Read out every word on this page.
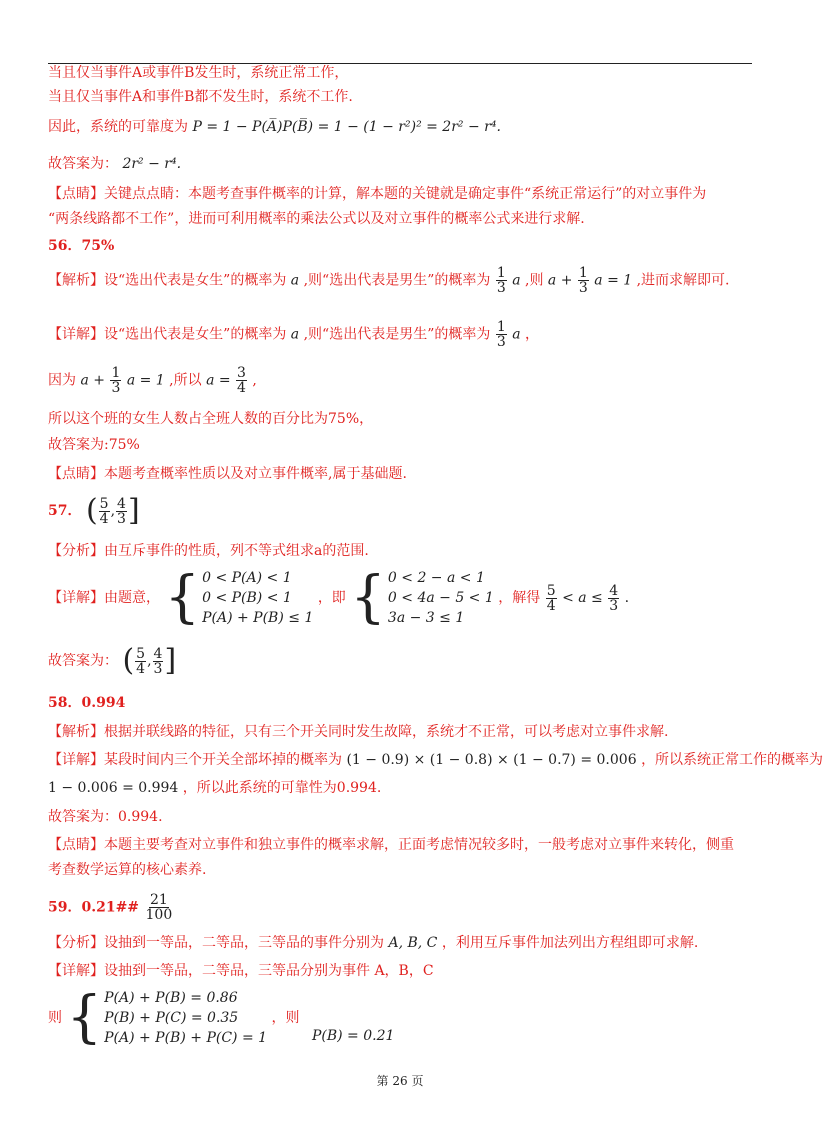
当且仅当事件A或事件B发生时，系统正常工作，
当且仅当事件A和事件B都不发生时，系统不工作.
因此，系统的可靠度为 P = 1 − P(A̅)P(B̅) = 1 − (1 − r²)² = 2r² − r⁴.
故答案为： 2r² − r⁴.
【点睛】关键点点睛：本题考查事件概率的计算，解本题的关键就是确定事件“系统正常运行”的对立事件为
“两条线路都不工作”，进而可利用概率的乘法公式以及对立事件的概率公式来进行求解.
56．75%
【解析】设“选出代表是女生”的概率为 a ,则“选出代表是男生”的概率为 $\frac{1}{3}$ a ,则 $a + \frac{1}{3}$ a = 1 ,进而求解即可.
【详解】设“选出代表是女生”的概率为 a ,则“选出代表是男生”的概率为 $\frac{1}{3}$ a ，
因为 $a + \frac{1}{3}$ a = 1 ,所以 $a = \frac{3}{4}$ ,
所以这个班的女生人数占全班人数的百分比为75%，
故答案为:75%
【点睛】本题考查概率性质以及对立事件概率,属于基础题.
57． ( $\frac{5}{4}$ , $\frac{4}{3}$ ]
【分析】由互斥事件的性质，列不等式组求a的范围.
【详解】由题意， { 0 < P(A) < 1
0 < P(B) < 1
P(A) + P(B) ≤ 1
，即 { 0 < 2 − a < 1
0 < 4a − 5 < 1
3a − 3 ≤ 1
，解得 $\frac{5}{4} < a \le \frac{4}{3}$ .
故答案为： ( $\frac{5}{4}$ , $\frac{4}{3}$ ]
58．0.994
【解析】根据并联线路的特征，只有三个开关同时发生故障，系统才不正常，可以考虑对立事件求解.
【详解】某段时间内三个开关全部坏掉的概率为 (1 − 0.9) × (1 − 0.8) × (1 − 0.7) = 0.006 ，所以系统正常工作的概率为
1 − 0.006 = 0.994 ，所以此系统的可靠性为0.994.
故答案为：0.994.
【点睛】本题主要考查对立事件和独立事件的概率求解，正面考虑情况较多时，一般考虑对立事件来转化，侧重
考查数学运算的核心素养.
59．0.21## $\frac{21}{100}$
【分析】设抽到一等品，二等品，三等品的事件分别为 A, B, C ，利用互斥事件加法列出方程组即可求解.
【详解】设抽到一等品，二等品，三等品分别为事件 A，B，C
则 { P(A) + P(B) = 0.86
P(B) + P(C) = 0.35
P(A) + P(B) + P(C) = 1
，则 P(B) = 0.21
第 26 页
